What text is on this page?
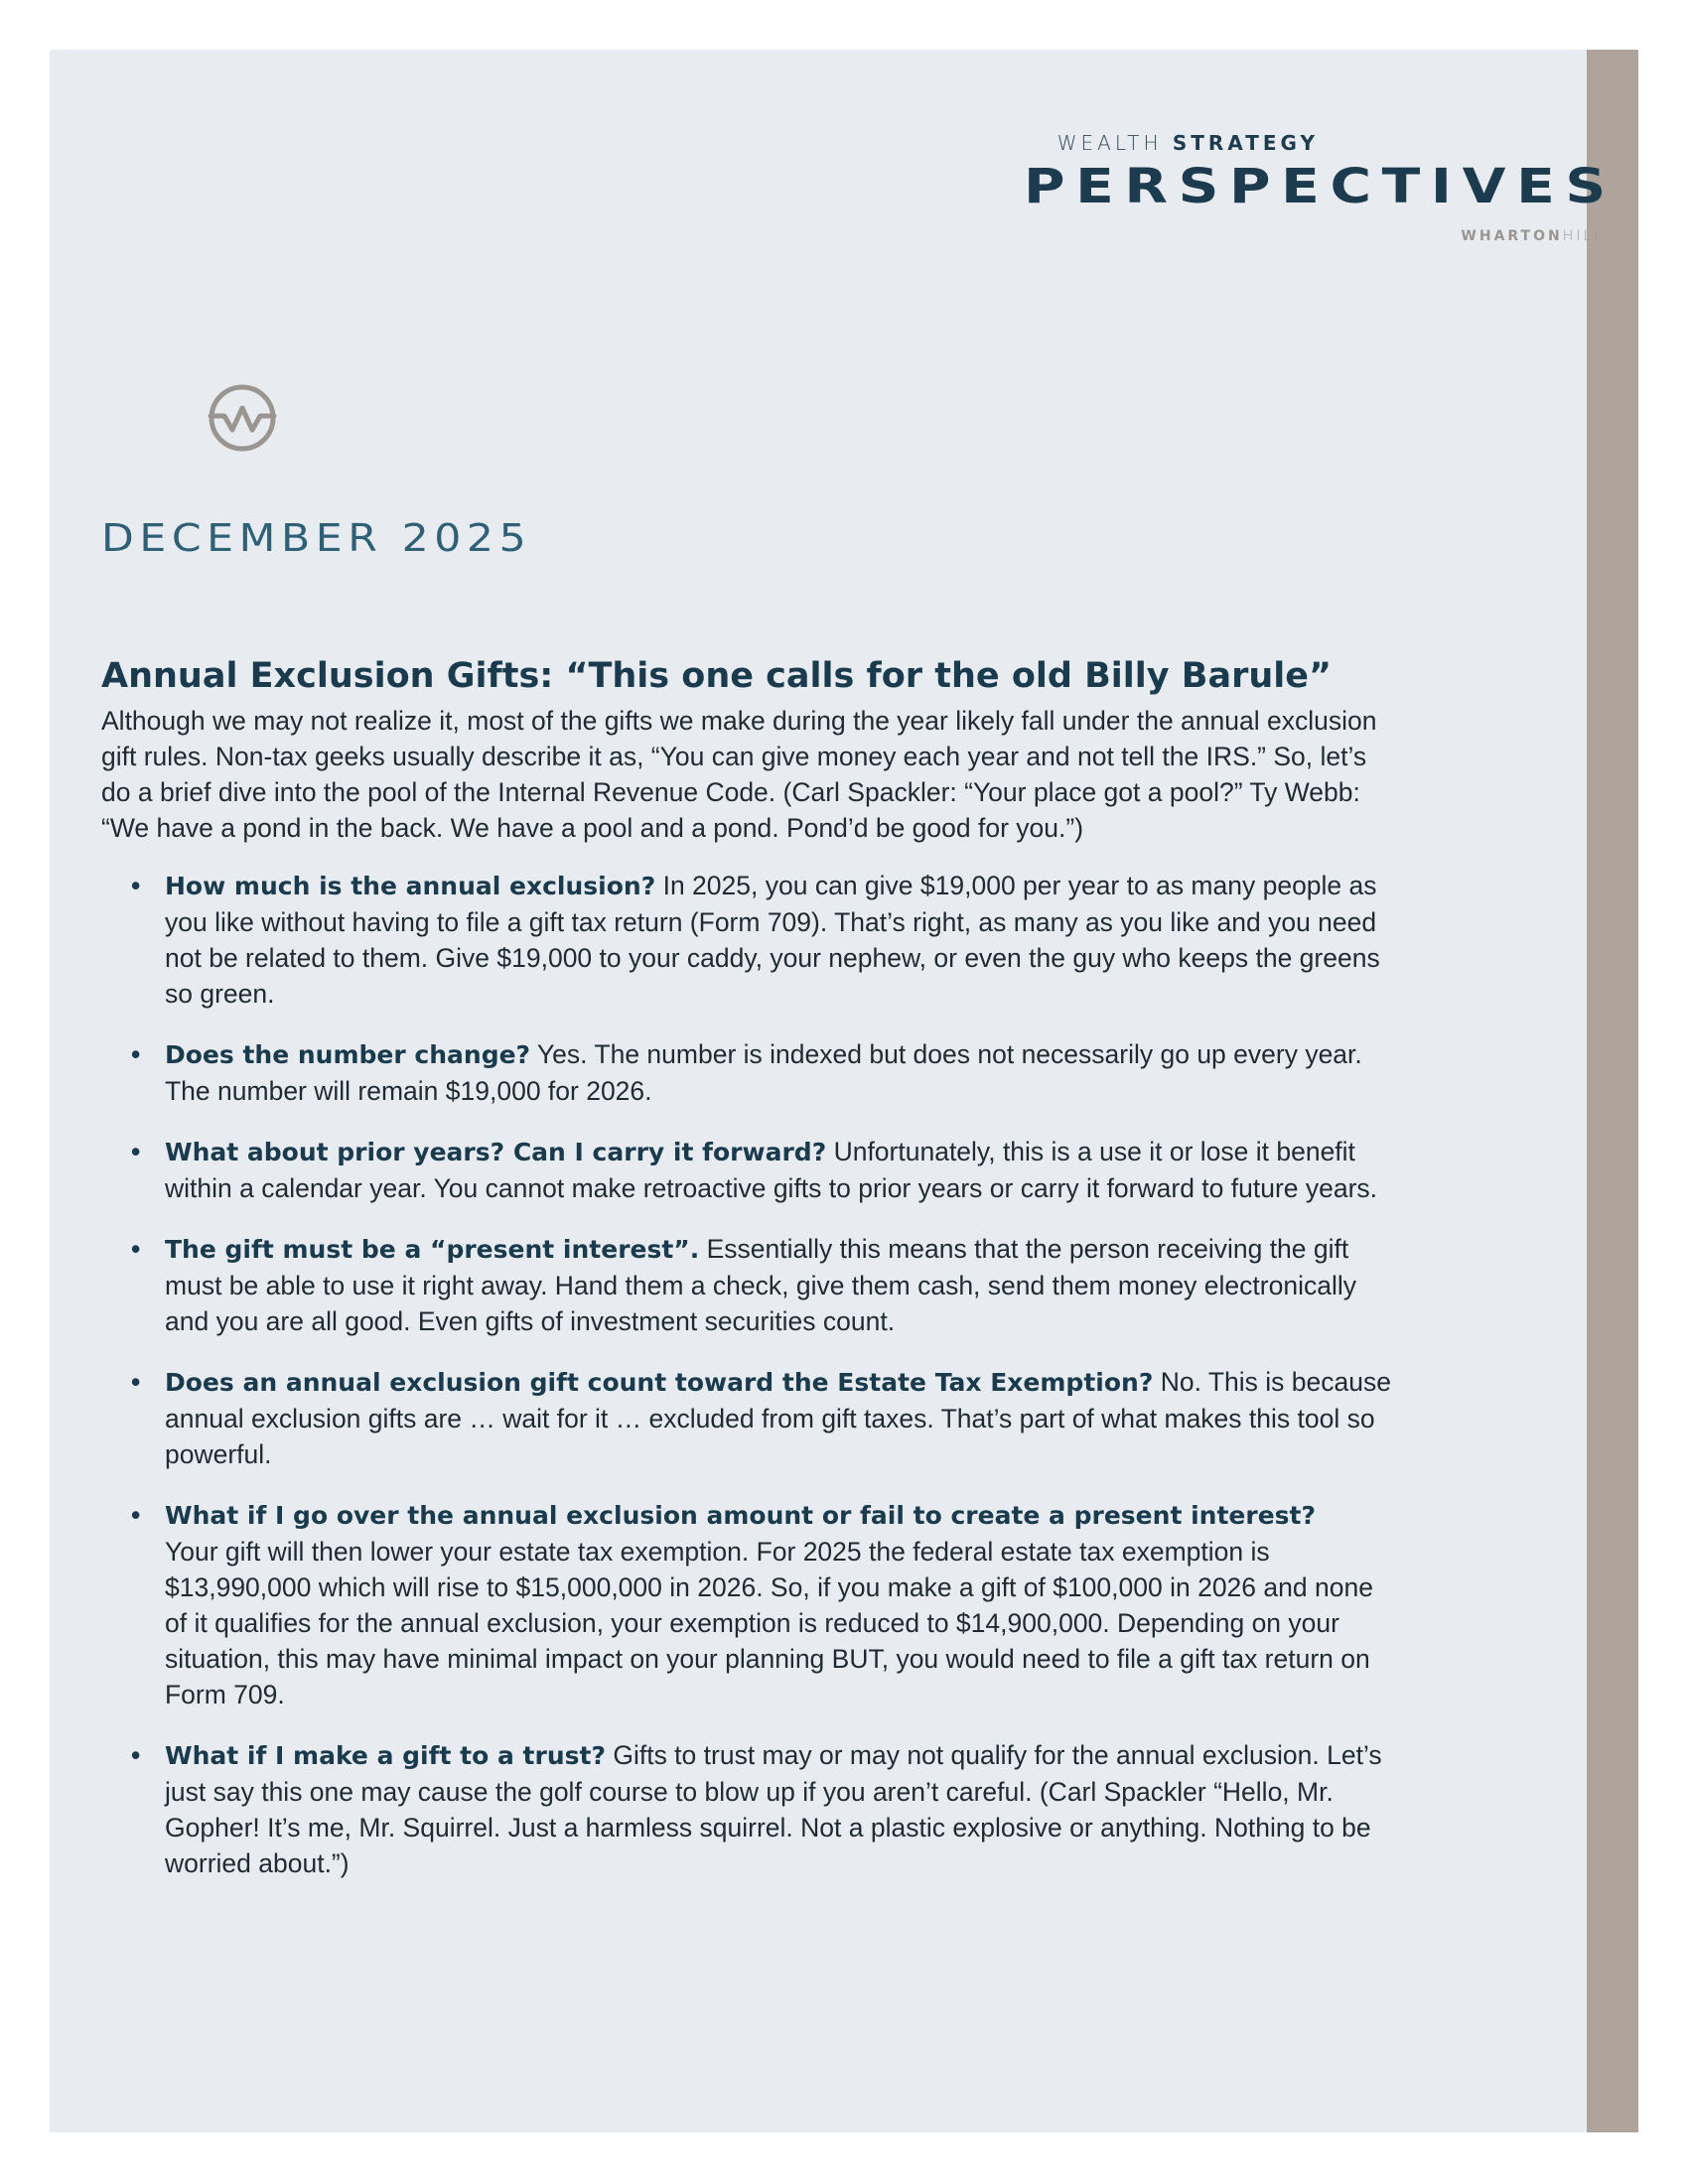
WEALTH STRATEGY
PERSPECTIVES
WHARTONHILL
DECEMBER 2025
Annual Exclusion Gifts: “This one calls for the old Billy Barule”

Although we may not realize it, most of the gifts we make during the year likely fall under the annual exclusion gift rules. Non-tax geeks usually describe it as, “You can give money each year and not tell the IRS.” So, let’s do a brief dive into the pool of the Internal Revenue Code. (Carl Spackler: “Your place got a pool?” Ty Webb: “We have a pond in the back. We have a pool and a pond. Pond’d be good for you.”)

• How much is the annual exclusion? In 2025, you can give $19,000 per year to as many people as you like without having to file a gift tax return (Form 709). That’s right, as many as you like and you need not be related to them. Give $19,000 to your caddy, your nephew, or even the guy who keeps the greens so green.
• Does the number change? Yes. The number is indexed but does not necessarily go up every year. The number will remain $19,000 for 2026.
• What about prior years? Can I carry it forward? Unfortunately, this is a use it or lose it benefit within a calendar year. You cannot make retroactive gifts to prior years or carry it forward to future years.
• The gift must be a “present interest”. Essentially this means that the person receiving the gift must be able to use it right away. Hand them a check, give them cash, send them money electronically and you are all good. Even gifts of investment securities count.
• Does an annual exclusion gift count toward the Estate Tax Exemption? No. This is because annual exclusion gifts are … wait for it … excluded from gift taxes. That’s part of what makes this tool so powerful.
• What if I go over the annual exclusion amount or fail to create a present interest?
Your gift will then lower your estate tax exemption. For 2025 the federal estate tax exemption is $13,990,000 which will rise to $15,000,000 in 2026. So, if you make a gift of $100,000 in 2026 and none of it qualifies for the annual exclusion, your exemption is reduced to $14,900,000. Depending on your situation, this may have minimal impact on your planning BUT, you would need to file a gift tax return on Form 709.
• What if I make a gift to a trust? Gifts to trust may or may not qualify for the annual exclusion. Let’s just say this one may cause the golf course to blow up if you aren’t careful. (Carl Spackler “Hello, Mr. Gopher! It’s me, Mr. Squirrel. Just a harmless squirrel. Not a plastic explosive or anything. Nothing to be worried about.”)
